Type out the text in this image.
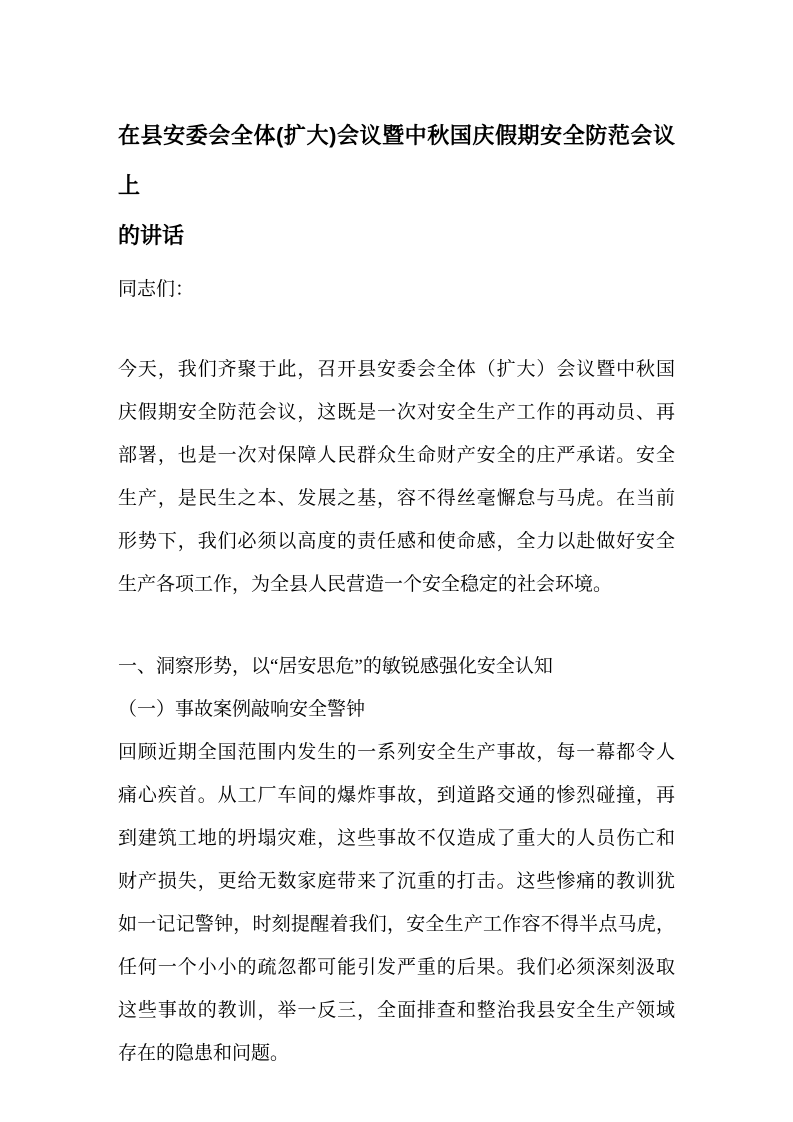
在县安委会全体(扩大)会议暨中秋国庆假期安全防范会议上
的讲话
同志们：
今天，我们齐聚于此，召开县安委会全体（扩大）会议暨中秋国
庆假期安全防范会议，这既是一次对安全生产工作的再动员、再
部署，也是一次对保障人民群众生命财产安全的庄严承诺。安全
生产，是民生之本、发展之基，容不得丝毫懈怠与马虎。在当前
形势下，我们必须以高度的责任感和使命感，全力以赴做好安全
生产各项工作，为全县人民营造一个安全稳定的社会环境。
一、洞察形势，以“居安思危”的敏锐感强化安全认知
（一）事故案例敲响安全警钟
回顾近期全国范围内发生的一系列安全生产事故，每一幕都令人
痛心疾首。从工厂车间的爆炸事故，到道路交通的惨烈碰撞，再
到建筑工地的坍塌灾难，这些事故不仅造成了重大的人员伤亡和
财产损失，更给无数家庭带来了沉重的打击。这些惨痛的教训犹
如一记记警钟，时刻提醒着我们，安全生产工作容不得半点马虎，
任何一个小小的疏忽都可能引发严重的后果。我们必须深刻汲取
这些事故的教训，举一反三，全面排查和整治我县安全生产领域
存在的隐患和问题。
